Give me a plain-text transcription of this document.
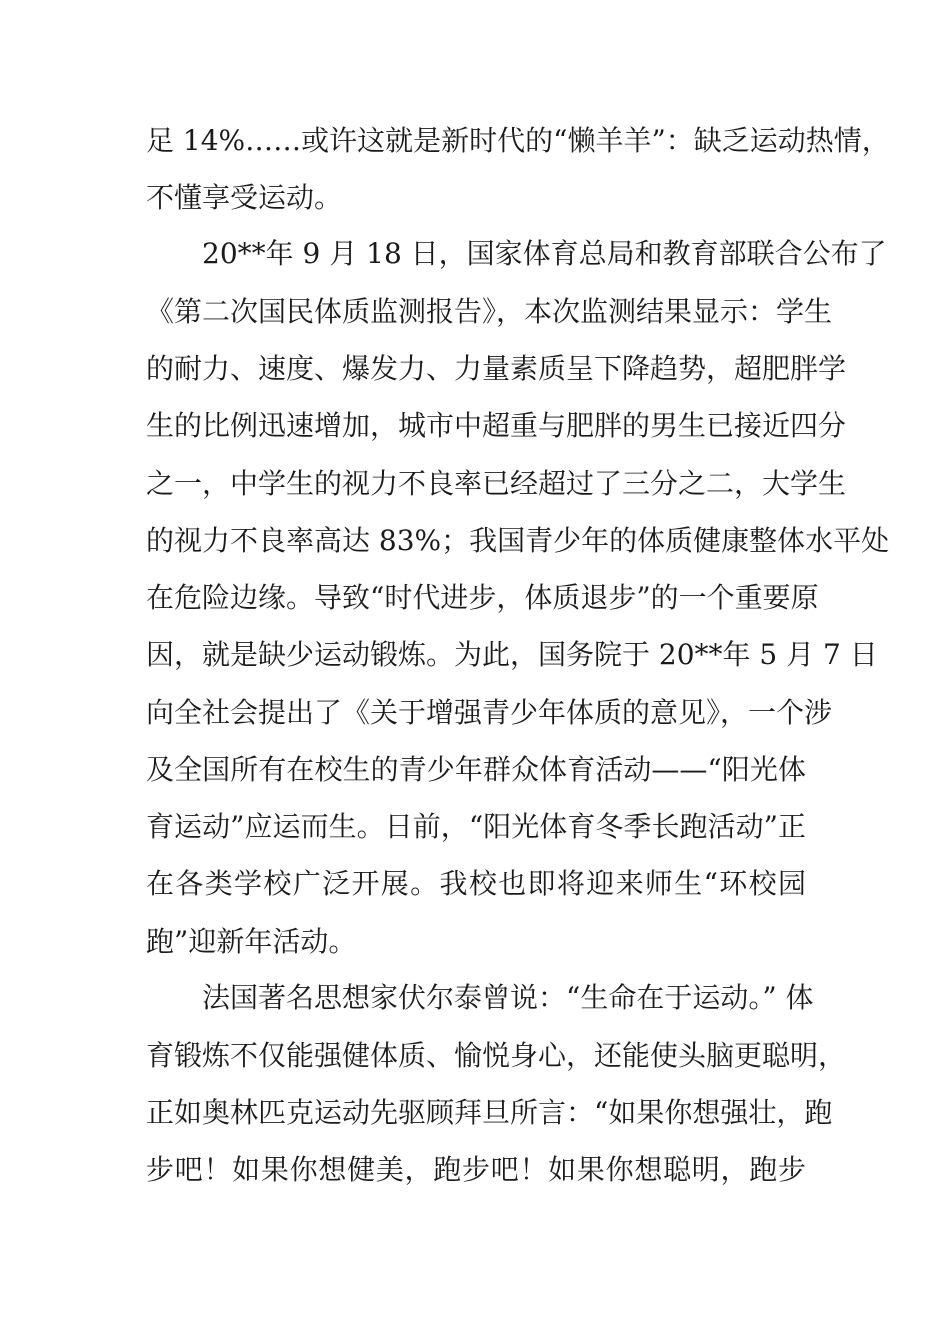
足 14%……或许这就是新时代的“懒羊羊”：缺乏运动热情，
不懂享受运动。
20**年 9 月 18 日，国家体育总局和教育部联合公布了
《第二次国民体质监测报告》，本次监测结果显示：学生
的耐力、速度、爆发力、力量素质呈下降趋势，超肥胖学
生的比例迅速增加，城市中超重与肥胖的男生已接近四分
之一，中学生的视力不良率已经超过了三分之二，大学生
的视力不良率高达 83%；我国青少年的体质健康整体水平处
在危险边缘。导致“时代进步，体质退步”的一个重要原
因，就是缺少运动锻炼。为此，国务院于 20**年 5 月 7 日
向全社会提出了《关于增强青少年体质的意见》，一个涉
及全国所有在校生的青少年群众体育活动——“阳光体
育运动”应运而生。日前，“阳光体育冬季长跑活动”正
在各类学校广泛开展。我校也即将迎来师生“环校园
跑”迎新年活动。
法国著名思想家伏尔泰曾说：“生命在于运动。” 体
育锻炼不仅能强健体质、愉悦身心，还能使头脑更聪明，
正如奥林匹克运动先驱顾拜旦所言：“如果你想强壮，跑
步吧！如果你想健美，跑步吧！如果你想聪明，跑步
